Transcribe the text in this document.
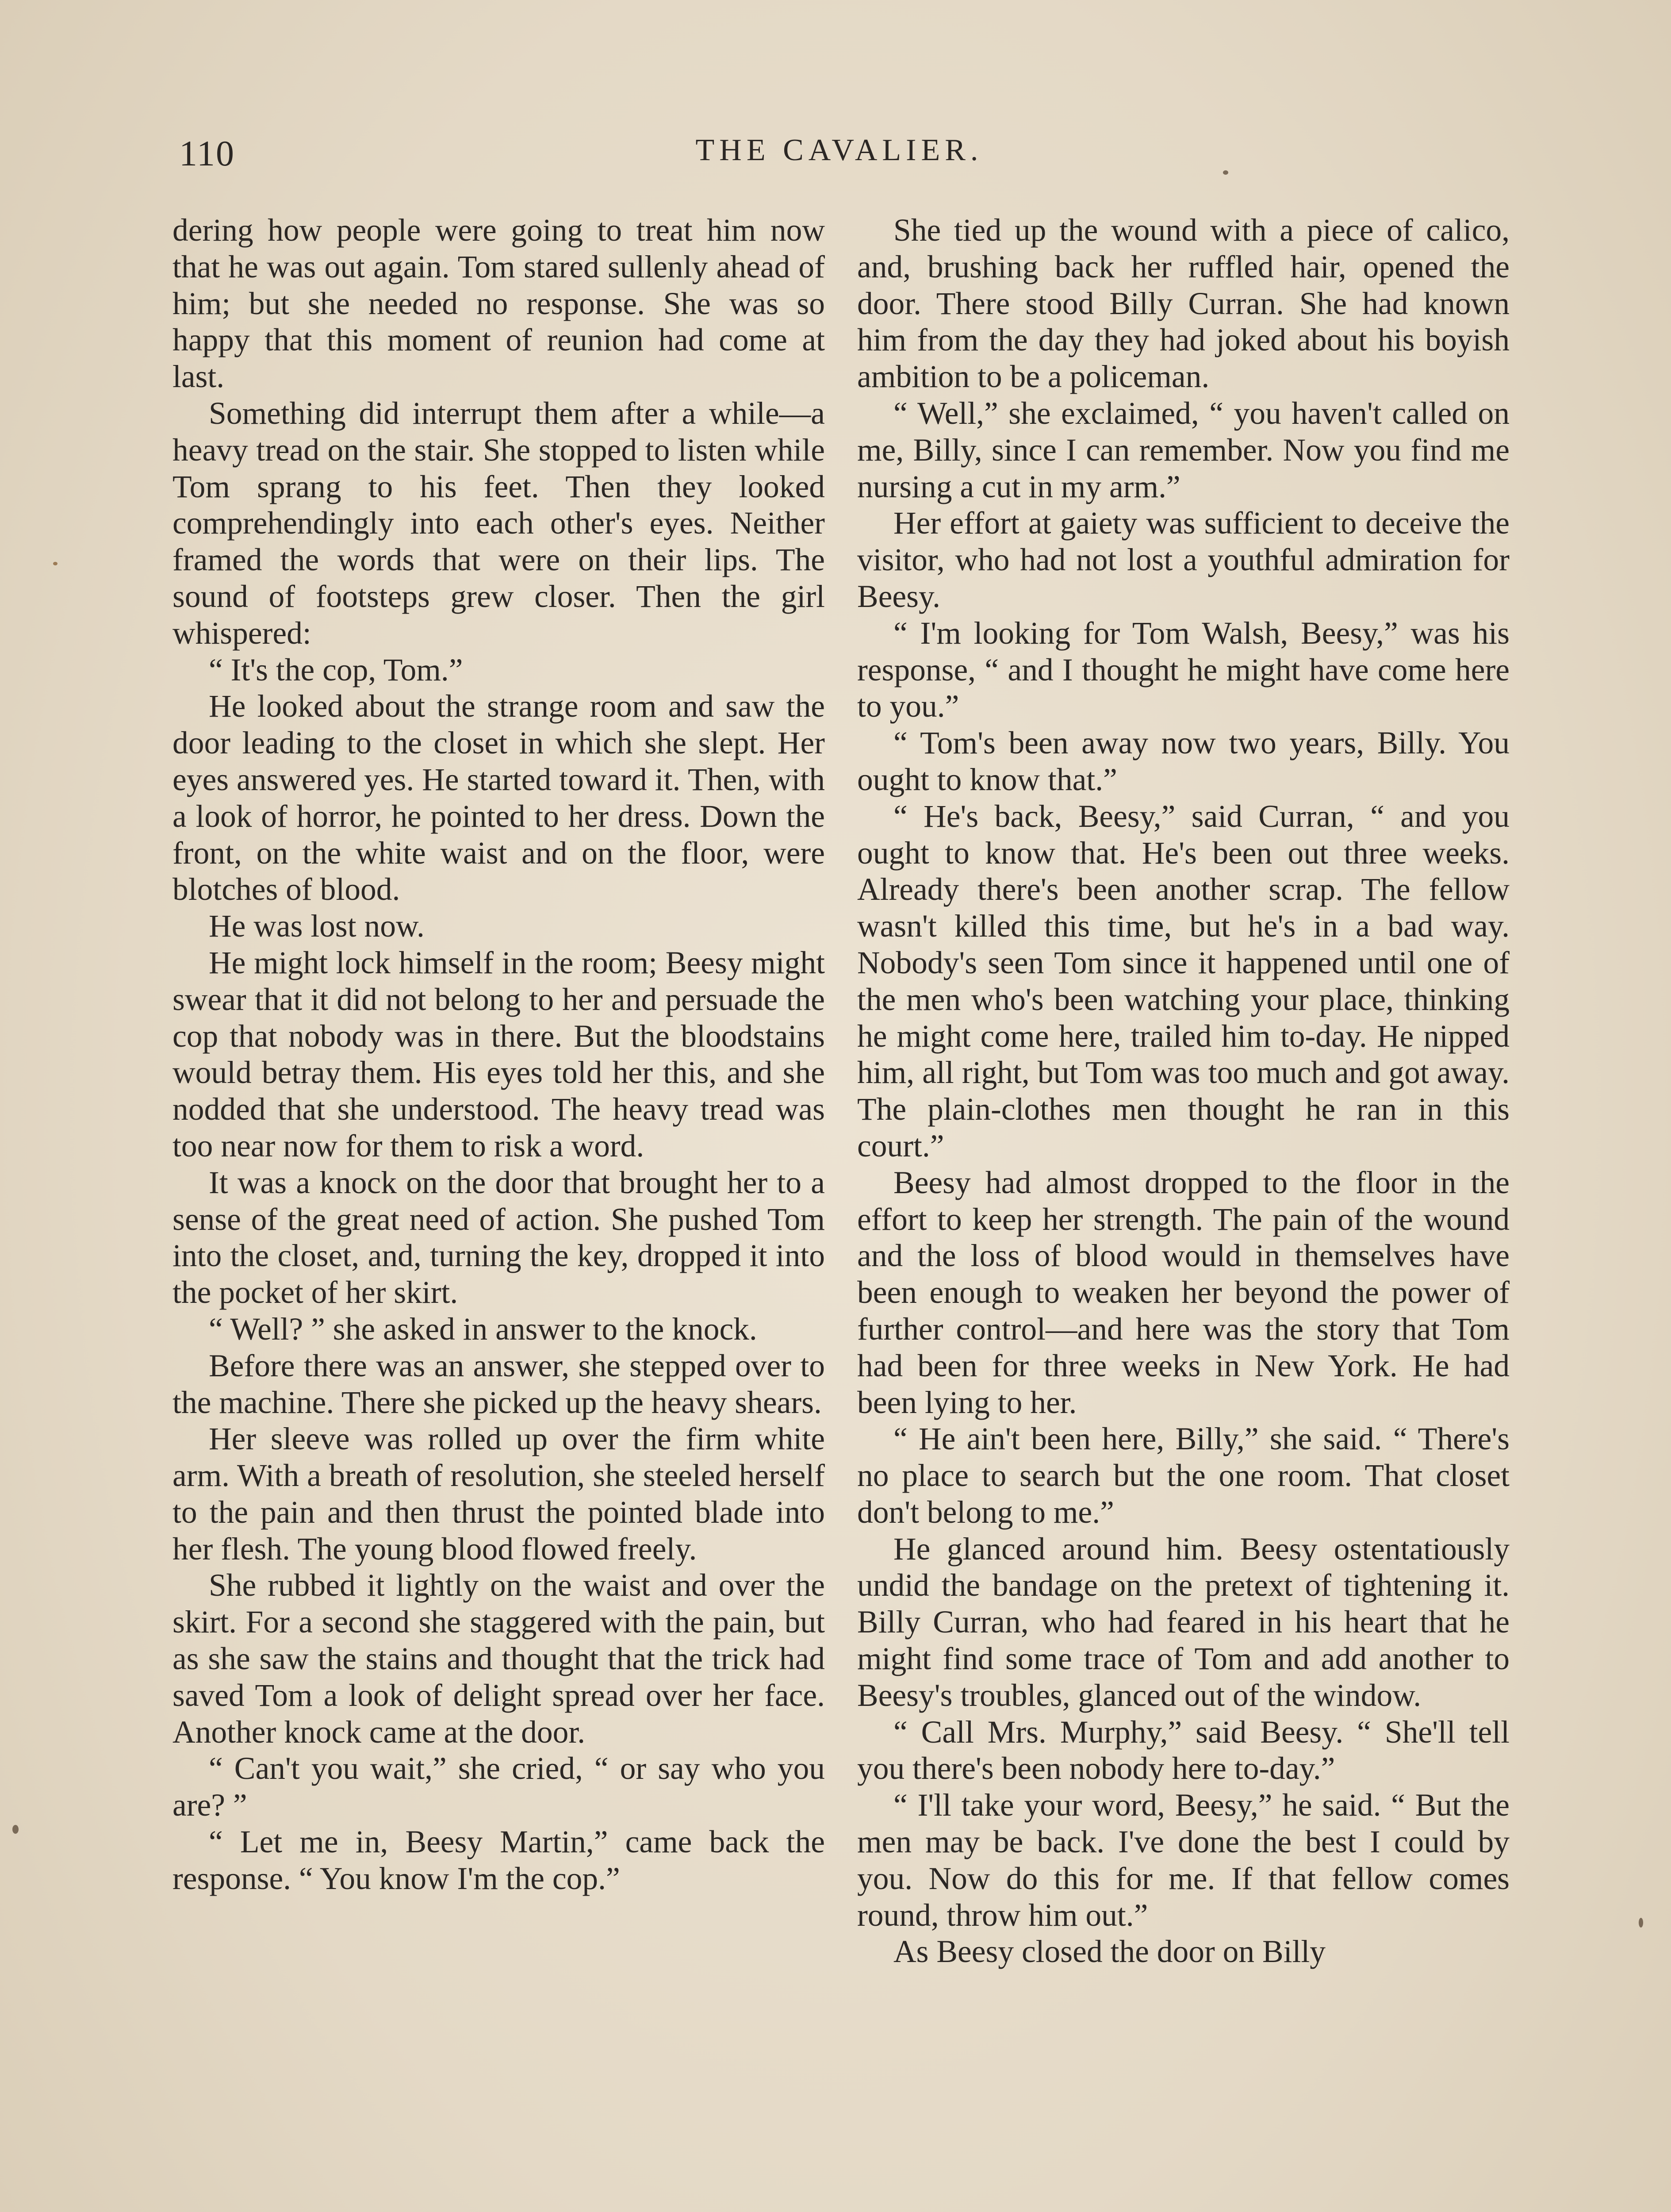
110	THE CAVALIER.

dering how people were going to treat him now that he was out again. Tom stared sullenly ahead of him; but she needed no response. She was so happy that this moment of reunion had come at last.

Something did interrupt them after a while—a heavy tread on the stair. She stopped to listen while Tom sprang to his feet. Then they looked comprehendingly into each other's eyes. Neither framed the words that were on their lips. The sound of footsteps grew closer. Then the girl whispered:

“ It's the cop, Tom.”

He looked about the strange room and saw the door leading to the closet in which she slept. Her eyes answered yes. He started toward it. Then, with a look of horror, he pointed to her dress. Down the front, on the white waist and on the floor, were blotches of blood.

He was lost now.

He might lock himself in the room; Beesy might swear that it did not belong to her and persuade the cop that nobody was in there. But the bloodstains would betray them. His eyes told her this, and she nodded that she understood. The heavy tread was too near now for them to risk a word.

It was a knock on the door that brought her to a sense of the great need of action. She pushed Tom into the closet, and, turning the key, dropped it into the pocket of her skirt.

“ Well? ” she asked in answer to the knock.

Before there was an answer, she stepped over to the machine. There she picked up the heavy shears.

Her sleeve was rolled up over the firm white arm. With a breath of resolution, she steeled herself to the pain and then thrust the pointed blade into her flesh. The young blood flowed freely.

She rubbed it lightly on the waist and over the skirt. For a second she staggered with the pain, but as she saw the stains and thought that the trick had saved Tom a look of delight spread over her face. Another knock came at the door.

“ Can't you wait,” she cried, “ or say who you are? ”

“ Let me in, Beesy Martin,” came back the response. “ You know I'm the cop.”

She tied up the wound with a piece of calico, and, brushing back her ruffled hair, opened the door. There stood Billy Curran. She had known him from the day they had joked about his boyish ambition to be a policeman.

“ Well,” she exclaimed, “ you haven't called on me, Billy, since I can remember. Now you find me nursing a cut in my arm.”

Her effort at gaiety was sufficient to deceive the visitor, who had not lost a youthful admiration for Beesy.

“ I'm looking for Tom Walsh, Beesy,” was his response, “ and I thought he might have come here to you.”

“ Tom's been away now two years, Billy. You ought to know that.”

“ He's back, Beesy,” said Curran, “ and you ought to know that. He's been out three weeks. Already there's been another scrap. The fellow wasn't killed this time, but he's in a bad way. Nobody's seen Tom since it happened until one of the men who's been watching your place, thinking he might come here, trailed him to-day. He nipped him, all right, but Tom was too much and got away. The plain-clothes men thought he ran in this court.”

Beesy had almost dropped to the floor in the effort to keep her strength. The pain of the wound and the loss of blood would in themselves have been enough to weaken her beyond the power of further control—and here was the story that Tom had been for three weeks in New York. He had been lying to her.

“ He ain't been here, Billy,” she said. “ There's no place to search but the one room. That closet don't belong to me.”

He glanced around him. Beesy ostentatiously undid the bandage on the pretext of tightening it. Billy Curran, who had feared in his heart that he might find some trace of Tom and add another to Beesy's troubles, glanced out of the window.

“ Call Mrs. Murphy,” said Beesy. “ She'll tell you there's been nobody here to-day.”

“ I'll take your word, Beesy,” he said. “ But the men may be back. I've done the best I could by you. Now do this for me. If that fellow comes round, throw him out.”

As Beesy closed the door on Billy
